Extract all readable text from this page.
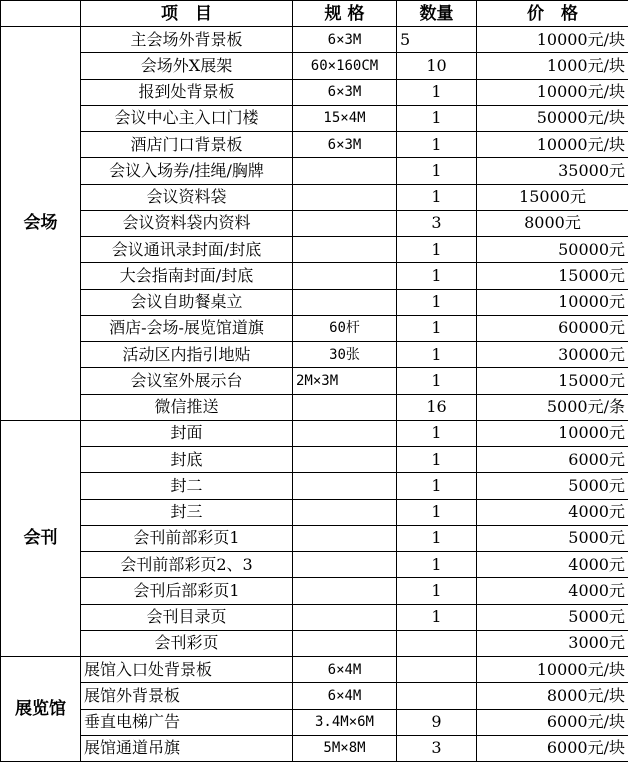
	项　目	规 格	数量	价　格
会场	主会场外背景板	6×3M	5	10000元/块
	会场外X展架	60×160CM	10	1000元/块
	报到处背景板	6×3M	1	10000元/块
	会议中心主入口门楼	15×4M	1	50000元/块
	酒店门口背景板	6×3M	1	10000元/块
	会议入场券/挂绳/胸牌		1	35000元
	会议资料袋		1	15000元
	会议资料袋内资料		3	8000元
	会议通讯录封面/封底		1	50000元
	大会指南封面/封底		1	15000元
	会议自助餐桌立		1	10000元
	酒店-会场-展览馆道旗	60杆	1	60000元
	活动区内指引地贴	30张	1	30000元
	会议室外展示台	2M×3M	1	15000元
	微信推送		16	5000元/条
会刊	封面		1	10000元
	封底		1	6000元
	封二		1	5000元
	封三		1	4000元
	会刊前部彩页1		1	5000元
	会刊前部彩页2、3		1	4000元
	会刊后部彩页1		1	4000元
	会刊目录页		1	5000元
	会刊彩页			3000元
展览馆	展馆入口处背景板	6×4M		10000元/块
	展馆外背景板	6×4M		8000元/块
	垂直电梯广告	3.4M×6M	9	6000元/块
	展馆通道吊旗	5M×8M	3	6000元/块
